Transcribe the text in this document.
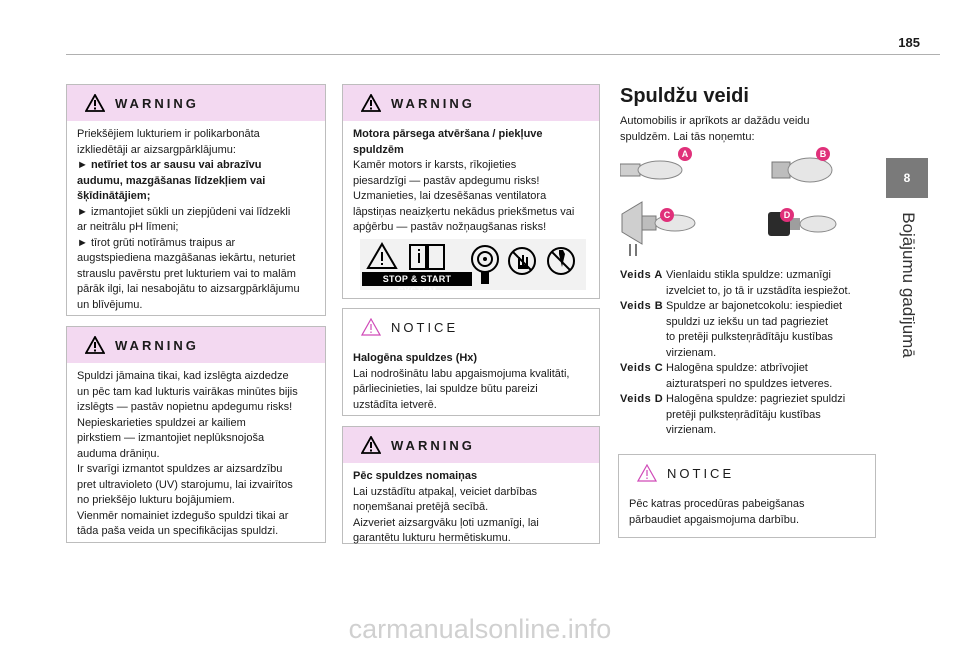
185
8
Bojājumu gadījumā
WARNING

Priekšējiem lukturiem ir polikarbonāta

izkliedētāji ar aizsargpārklājumu:

► netīriet tos ar sausu vai abrazīvu

audumu, mazgāšanas līdzekļiem vai

šķīdinātājiem;

► izmantojiet sūkli un ziepjūdeni vai līdzekli

ar neitrālu pH līmeni;

► tīrot grūti notīrāmus traipus ar

augstspiediena mazgāšanas iekārtu, neturiet

strauslu pavērstu pret lukturiem vai to malām

pārāk ilgi, lai nesabojātu to aizsargpārklājumu

un blīvējumu.

WARNING

Spuldzi jāmaina tikai, kad izslēgta aizdedze

un pēc tam kad lukturis vairākas minūtes bijis

izslēgts — pastāv nopietnu apdegumu risks!

Nepieskarieties spuldzei ar kailiem

pirkstiem — izmantojiet neplūksnojoša

auduma drāniņu.

Ir svarīgi izmantot spuldzes ar aizsardzību

pret ultravioleto (UV) starojumu, lai izvairītos

no priekšējo lukturu bojājumiem.

Vienmēr nomainiet izdegušo spuldzi tikai ar

tāda paša veida un specifikācijas spuldzi.

WARNING

Motora pārsega atvēršana / piekļuve

spuldzēm

Kamēr motors ir karsts, rīkojieties

piesardzīgi — pastāv apdegumu risks!

Uzmanieties, lai dzesēšanas ventilatora

lāpstiņas neaizķertu nekādus priekšmetus vai

apģērbu — pastāv nožņaugšanas risks!

STOP & START SYSTEM
NOTICE

Halogēna spuldzes (Hx)

Lai nodrošinātu labu apgaismojuma kvalitāti,

pārliecinieties, lai spuldze būtu pareizi

uzstādīta ietverē.

WARNING

Pēc spuldzes nomaiņas

Lai uzstādītu atpakaļ, veiciet darbības

noņemšanai pretējā secībā.

Aizveriet aizsargvāku ļoti uzmanīgi, lai

garantētu lukturu hermētiskumu.

Spuldžu veidi

Automobilis ir aprīkots ar dažādu veidu

spuldzēm. Lai tās noņemtu:

A	B
C	D
Veids A Vienlaidu stikla spuldze: uzmanīgi
izvelciet to, jo tā ir uzstādīta iespiežot.
Veids B Spuldze ar bajonetcokolu: iespiediet
spuldzi uz iekšu un tad pagrieziet
to pretēji pulksteņrādītāju kustības
virzienam.
Veids C Halogēna spuldze: atbrīvojiet
aizturatsperi no spuldzes ietveres.
Veids D Halogēna spuldze: pagrieziet spuldzi
pretēji pulksteņrādītāju kustības
virzienam.
NOTICE

Pēc katras procedūras pabeigšanas

pārbaudiet apgaismojuma darbību.

carmanualsonline.info
